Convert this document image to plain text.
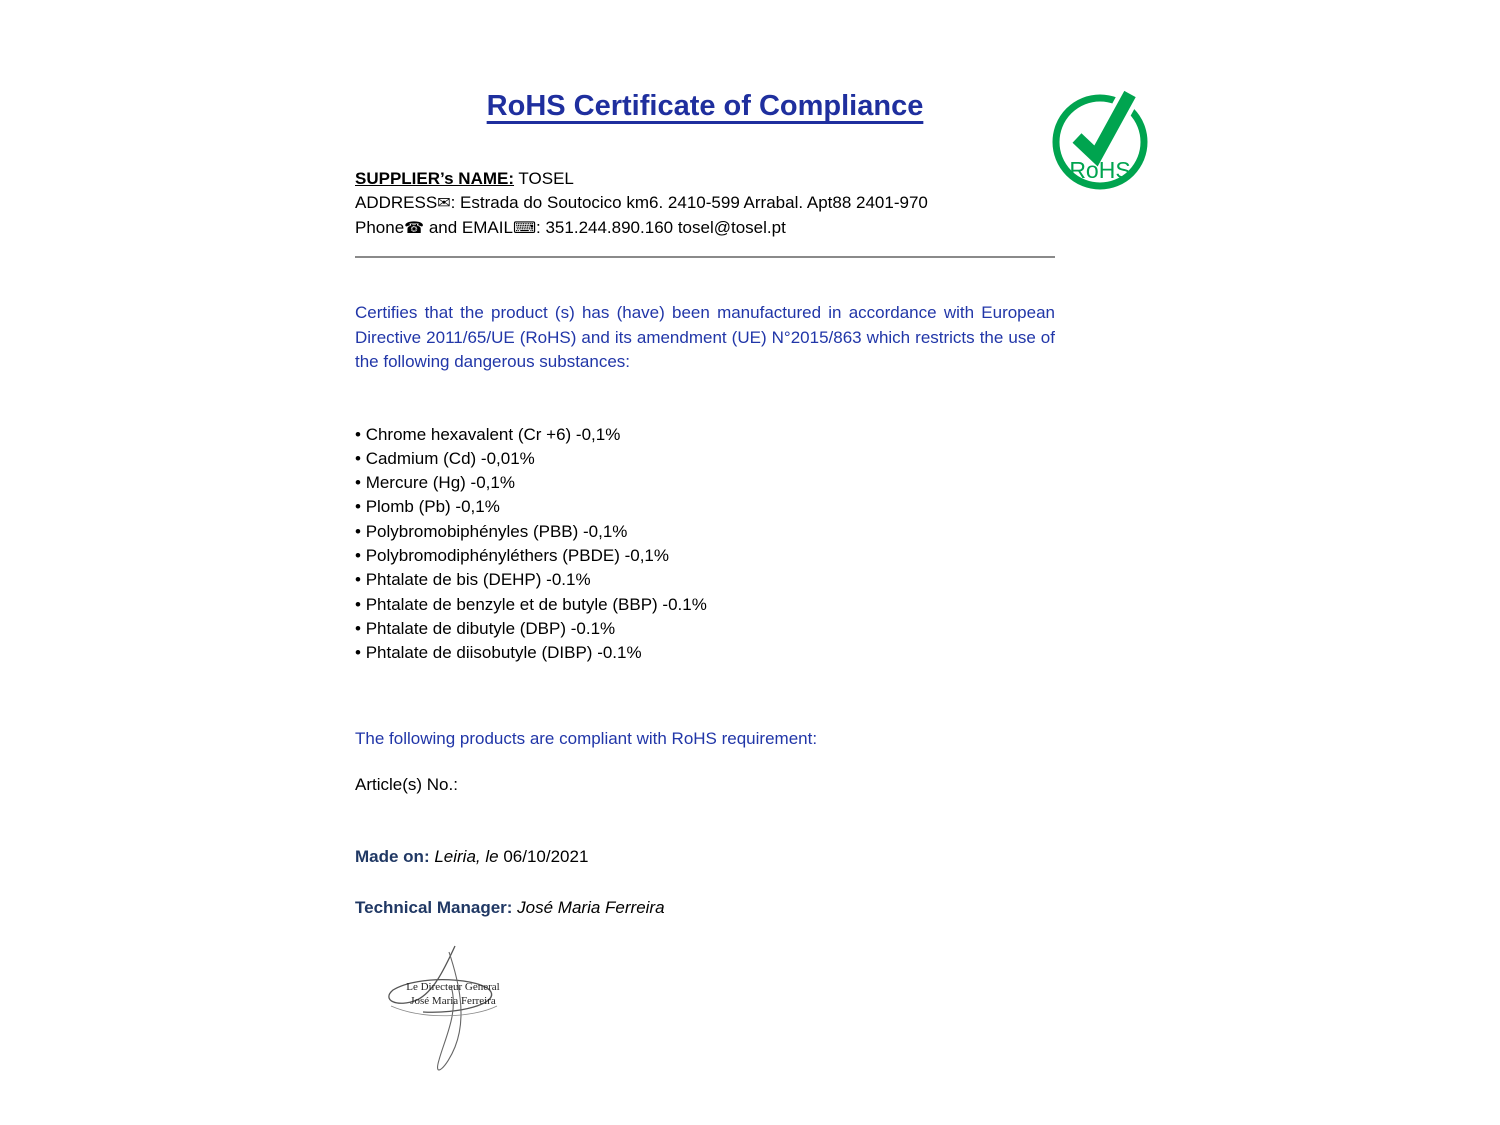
RoHS
RoHS Certificate of Compliance
SUPPLIER’s NAME: TOSEL
ADDRESS✉: Estrada do Soutocico km6. 2410-599 Arrabal. Apt88 2401-970
Phone☎ and EMAIL⌨: 351.244.890.160 tosel@tosel.pt

Certifies that the product (s) has (have) been manufactured in accordance with European Directive 2011/65/UE (RoHS) and its amendment (UE) N°2015/863 which restricts the use of the following dangerous substances:

• Chrome hexavalent (Cr +6) -0,1%
• Cadmium (Cd) -0,01%
• Mercure (Hg) -0,1%
• Plomb (Pb) -0,1%
• Polybromobiphényles (PBB) -0,1%
• Polybromodiphényléthers (PBDE) -0,1%
• Phtalate de bis (DEHP) -0.1%
• Phtalate de benzyle et de butyle (BBP) -0.1%
• Phtalate de dibutyle (DBP) -0.1%
• Phtalate de diisobutyle (DIBP) -0.1%

The following products are compliant with RoHS requirement:

Article(s) No.:

Made on: Leiria, le 06/10/2021

Technical Manager: José Maria Ferreira

Le Directeur General
José Maria Ferreira
